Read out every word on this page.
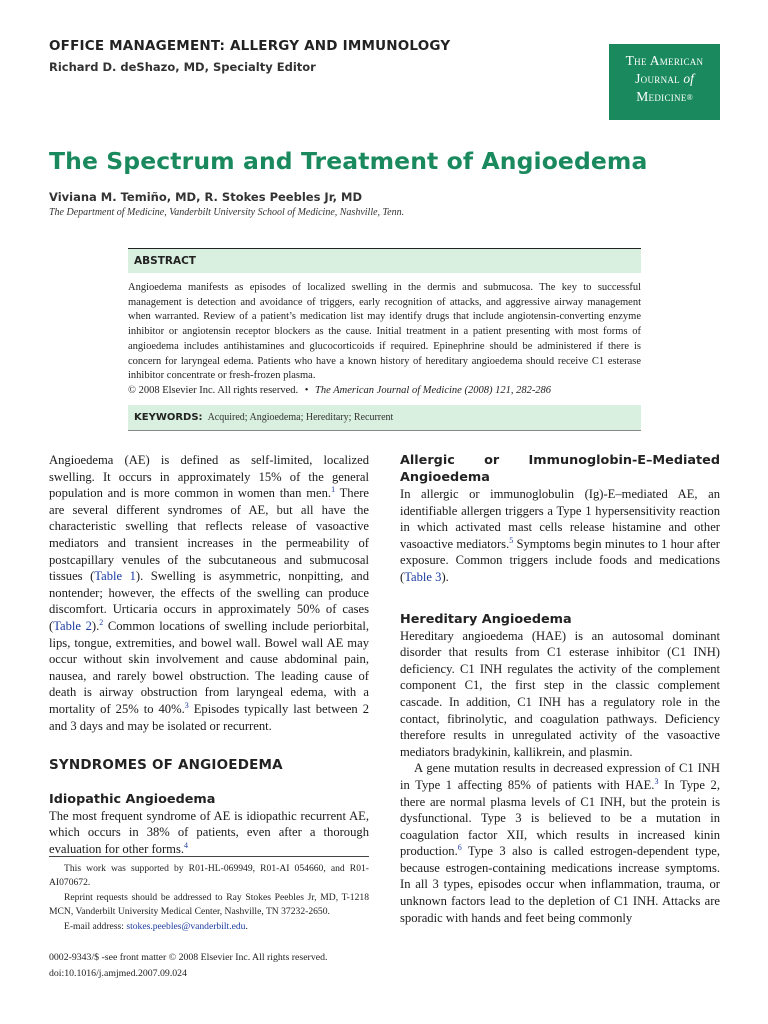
OFFICE MANAGEMENT: ALLERGY AND IMMUNOLOGY
Richard D. deShazo, MD, Specialty Editor	The American
Journal of
Medicine®
The Spectrum and Treatment of Angioedema
Viviana M. Temiño, MD, R. Stokes Peebles Jr, MD
The Department of Medicine, Vanderbilt University School of Medicine, Nashville, Tenn.
ABSTRACT
Angioedema manifests as episodes of localized swelling in the dermis and submucosa. The key to successful management is detection and avoidance of triggers, early recognition of attacks, and aggressive airway management when warranted. Review of a patient’s medication list may identify drugs that include angiotensin-converting enzyme inhibitor or angiotensin receptor blockers as the cause. Initial treatment in a patient presenting with most forms of angioedema includes antihistamines and glucocorticoids if required. Epinephrine should be administered if there is concern for laryngeal edema. Patients who have a known history of hereditary angioedema should receive C1 esterase inhibitor concentrate or fresh-frozen plasma.
© 2008 Elsevier Inc. All rights reserved. • The American Journal of Medicine (2008) 121, 282-286
KEYWORDS: Acquired; Angioedema; Hereditary; Recurrent

Angioedema (AE) is defined as self-limited, localized swelling. It occurs in approximately 15% of the general population and is more common in women than men.$^1$ There are several different syndromes of AE, but all have the characteristic swelling that reflects release of vasoactive mediators and transient increases in the permeability of postcapillary venules of the subcutaneous and submucosal tissues (Table 1). Swelling is asymmetric, nonpitting, and nontender; however, the effects of the swelling can produce discomfort. Urticaria occurs in approximately 50% of cases (Table 2).$^2$ Common locations of swelling include periorbital, lips, tongue, extremities, and bowel wall. Bowel wall AE may occur without skin involvement and cause abdominal pain, nausea, and rarely bowel obstruction. The leading cause of death is airway obstruction from laryngeal edema, with a mortality of 25% to 40%.$^3$ Episodes typically last between 2 and 3 days and may be isolated or recurrent.

SYNDROMES OF ANGIOEDEMA
Idiopathic Angioedema

The most frequent syndrome of AE is idiopathic recurrent AE, which occurs in 38% of patients, even after a thorough evaluation for other forms.$^4$

This work was supported by R01-HL-069949, R01-AI 054660, and R01-AI070672.

Reprint requests should be addressed to Ray Stokes Peebles Jr, MD, T-1218 MCN, Vanderbilt University Medical Center, Nashville, TN 37232-2650.

E-mail address: stokes.peebles@vanderbilt.edu.

0002-9343/$ -see front matter © 2008 Elsevier Inc. All rights reserved.
doi:10.1016/j.amjmed.2007.09.024
Allergic or Immunoglobin-E–Mediated Angioedema

In allergic or immunoglobulin (Ig)-E–mediated AE, an identifiable allergen triggers a Type 1 hypersensitivity reaction in which activated mast cells release histamine and other vasoactive mediators.$^5$ Symptoms begin minutes to 1 hour after exposure. Common triggers include foods and medications (Table 3).

Hereditary Angioedema

Hereditary angioedema (HAE) is an autosomal dominant disorder that results from C1 esterase inhibitor (C1 INH) deficiency. C1 INH regulates the activity of the complement component C1, the first step in the classic complement cascade. In addition, C1 INH has a regulatory role in the contact, fibrinolytic, and coagulation pathways. Deficiency therefore results in unregulated activity of the vasoactive mediators bradykinin, kallikrein, and plasmin.

A gene mutation results in decreased expression of C1 INH in Type 1 affecting 85% of patients with HAE.$^3$ In Type 2, there are normal plasma levels of C1 INH, but the protein is dysfunctional. Type 3 is believed to be a mutation in coagulation factor XII, which results in increased kinin production.$^6$ Type 3 also is called estrogen-dependent type, because estrogen-containing medications increase symptoms. In all 3 types, episodes occur when inflammation, trauma, or unknown factors lead to the depletion of C1 INH. Attacks are sporadic with hands and feet being commonly
